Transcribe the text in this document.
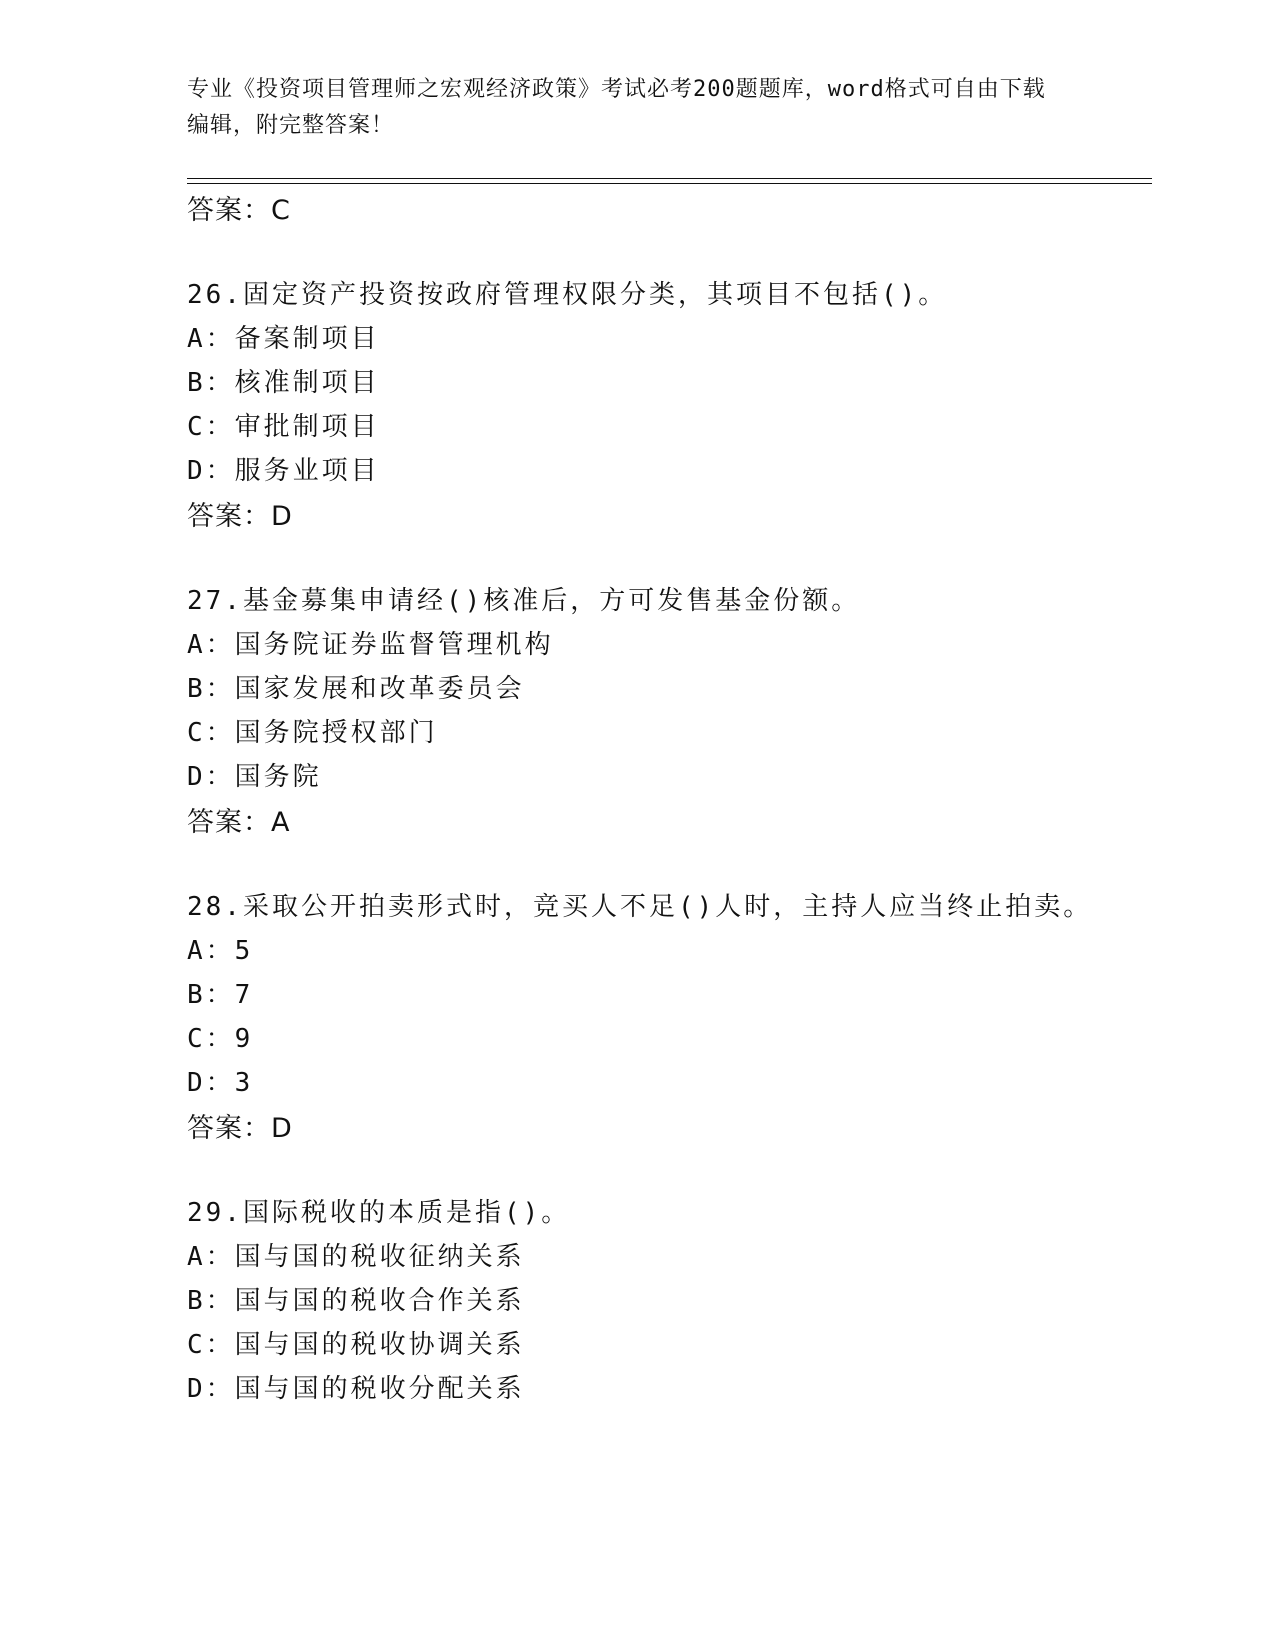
专业《投资项目管理师之宏观经济政策》考试必考200题题库，word格式可自由下载编辑，附完整答案！
答案：C
26.固定资产投资按政府管理权限分类，其项目不包括()。
A：备案制项目
B：核准制项目
C：审批制项目
D：服务业项目
答案：D
27.基金募集申请经()核准后，方可发售基金份额。
A：国务院证券监督管理机构
B：国家发展和改革委员会
C：国务院授权部门
D：国务院
答案：A
28.采取公开拍卖形式时，竞买人不足()人时，主持人应当终止拍卖。
A：5
B：7
C：9
D：3
答案：D
29.国际税收的本质是指()。
A：国与国的税收征纳关系
B：国与国的税收合作关系
C：国与国的税收协调关系
D：国与国的税收分配关系
